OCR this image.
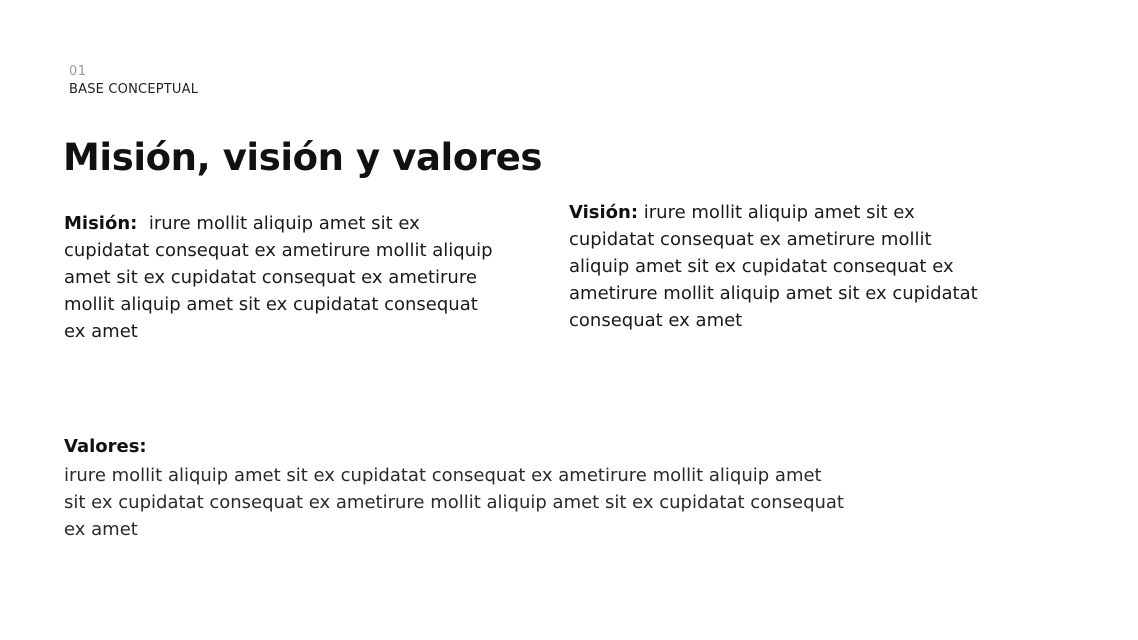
01
BASE CONCEPTUAL
Misión, visión y valores
Misión: irure mollit aliquip amet sit ex cupidatat consequat ex ametirure mollit aliquip amet sit ex cupidatat consequat ex ametirure mollit aliquip amet sit ex cupidatat consequat ex amet
Visión: irure mollit aliquip amet sit ex cupidatat consequat ex ametirure mollit aliquip amet sit ex cupidatat consequat ex ametirure mollit aliquip amet sit ex cupidatat consequat ex amet
Valores:
irure mollit aliquip amet sit ex cupidatat consequat ex ametirure mollit aliquip amet sit ex cupidatat consequat ex ametirure mollit aliquip amet sit ex cupidatat consequat ex amet
